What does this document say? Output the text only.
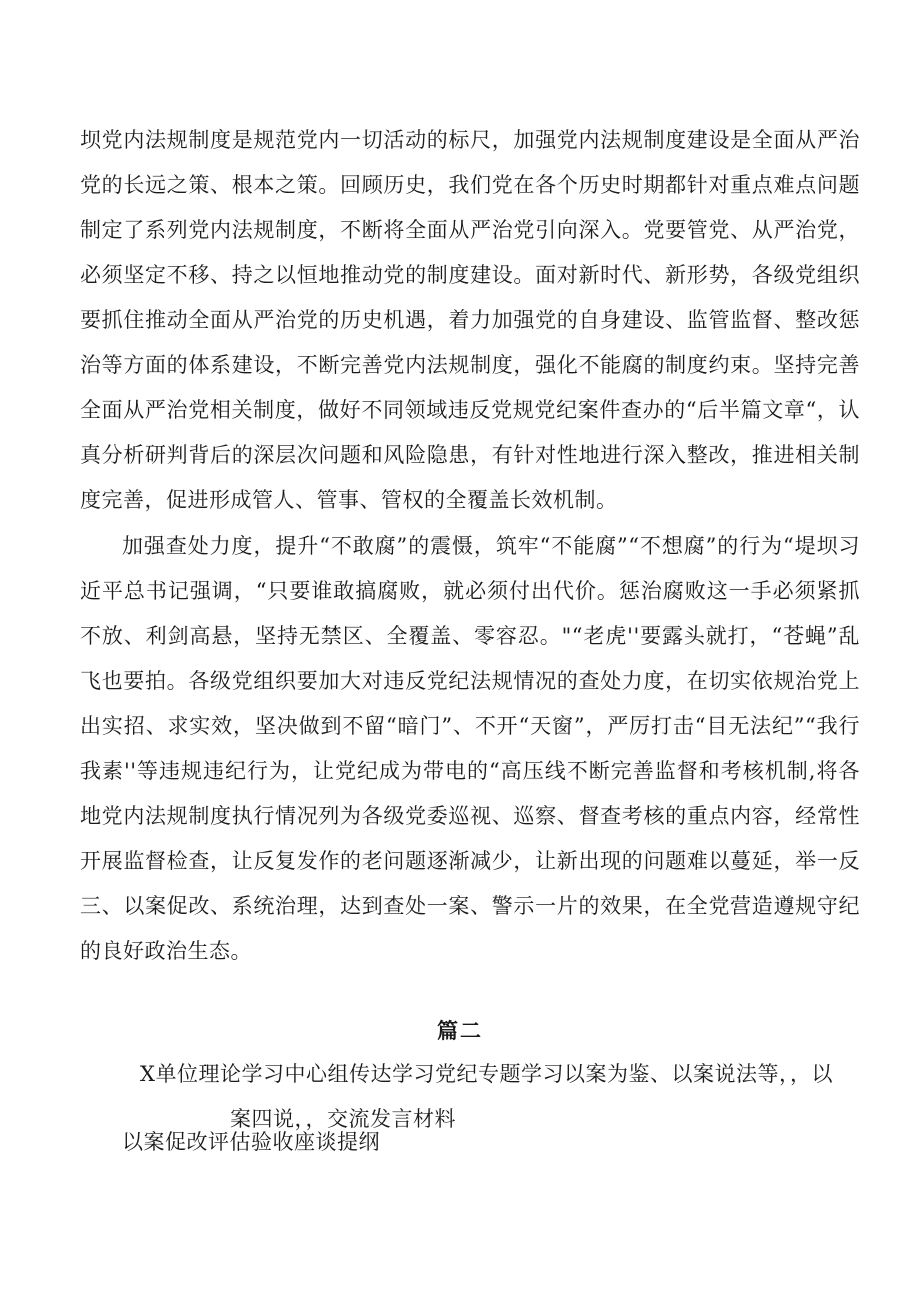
坝党内法规制度是规范党内一切活动的标尺，加强党内法规制度建设是全面从严治党的长远之策、根本之策。回顾历史，我们党在各个历史时期都针对重点难点问题制定了系列党内法规制度，不断将全面从严治党引向深入。党要管党、从严治党，必须坚定不移、持之以恒地推动党的制度建设。面对新时代、新形势，各级党组织要抓住推动全面从严治党的历史机遇，着力加强党的自身建设、监管监督、整改惩治等方面的体系建设，不断完善党内法规制度，强化不能腐的制度约束。坚持完善全面从严治党相关制度，做好不同领域违反党规党纪案件查办的“后半篇文章“，认真分析研判背后的深层次问题和风险隐患，有针对性地进行深入整改，推进相关制度完善，促进形成管人、管事、管权的全覆盖长效机制。

加强查处力度，提升“不敢腐”的震慑，筑牢“不能腐”“不想腐”的行为“堤坝习近平总书记强调，“只要谁敢搞腐败，就必须付出代价。惩治腐败这一手必须紧抓不放、利剑高悬，坚持无禁区、全覆盖、零容忍。"“老虎''要露头就打，“苍蝇”乱飞也要拍。各级党组织要加大对违反党纪法规情况的查处力度，在切实依规治党上出实招、求实效，坚决做到不留“暗门”、不开“天窗”，严厉打击“目无法纪”“我行我素''等违规违纪行为，让党纪成为带电的“高压线不断完善监督和考核机制,将各地党内法规制度执行情况列为各级党委巡视、巡察、督查考核的重点内容，经常性开展监督检查，让反复发作的老问题逐渐减少，让新出现的问题难以蔓延，举一反三、以案促改、系统治理，达到查处一案、警示一片的效果，在全党营造遵规守纪的良好政治生态。

篇二

X单位理论学习中心组传达学习党纪专题学习以案为鉴、以案说法等，，以
案四说，，交流发言材料

以案促改评估验收座谈提纲
